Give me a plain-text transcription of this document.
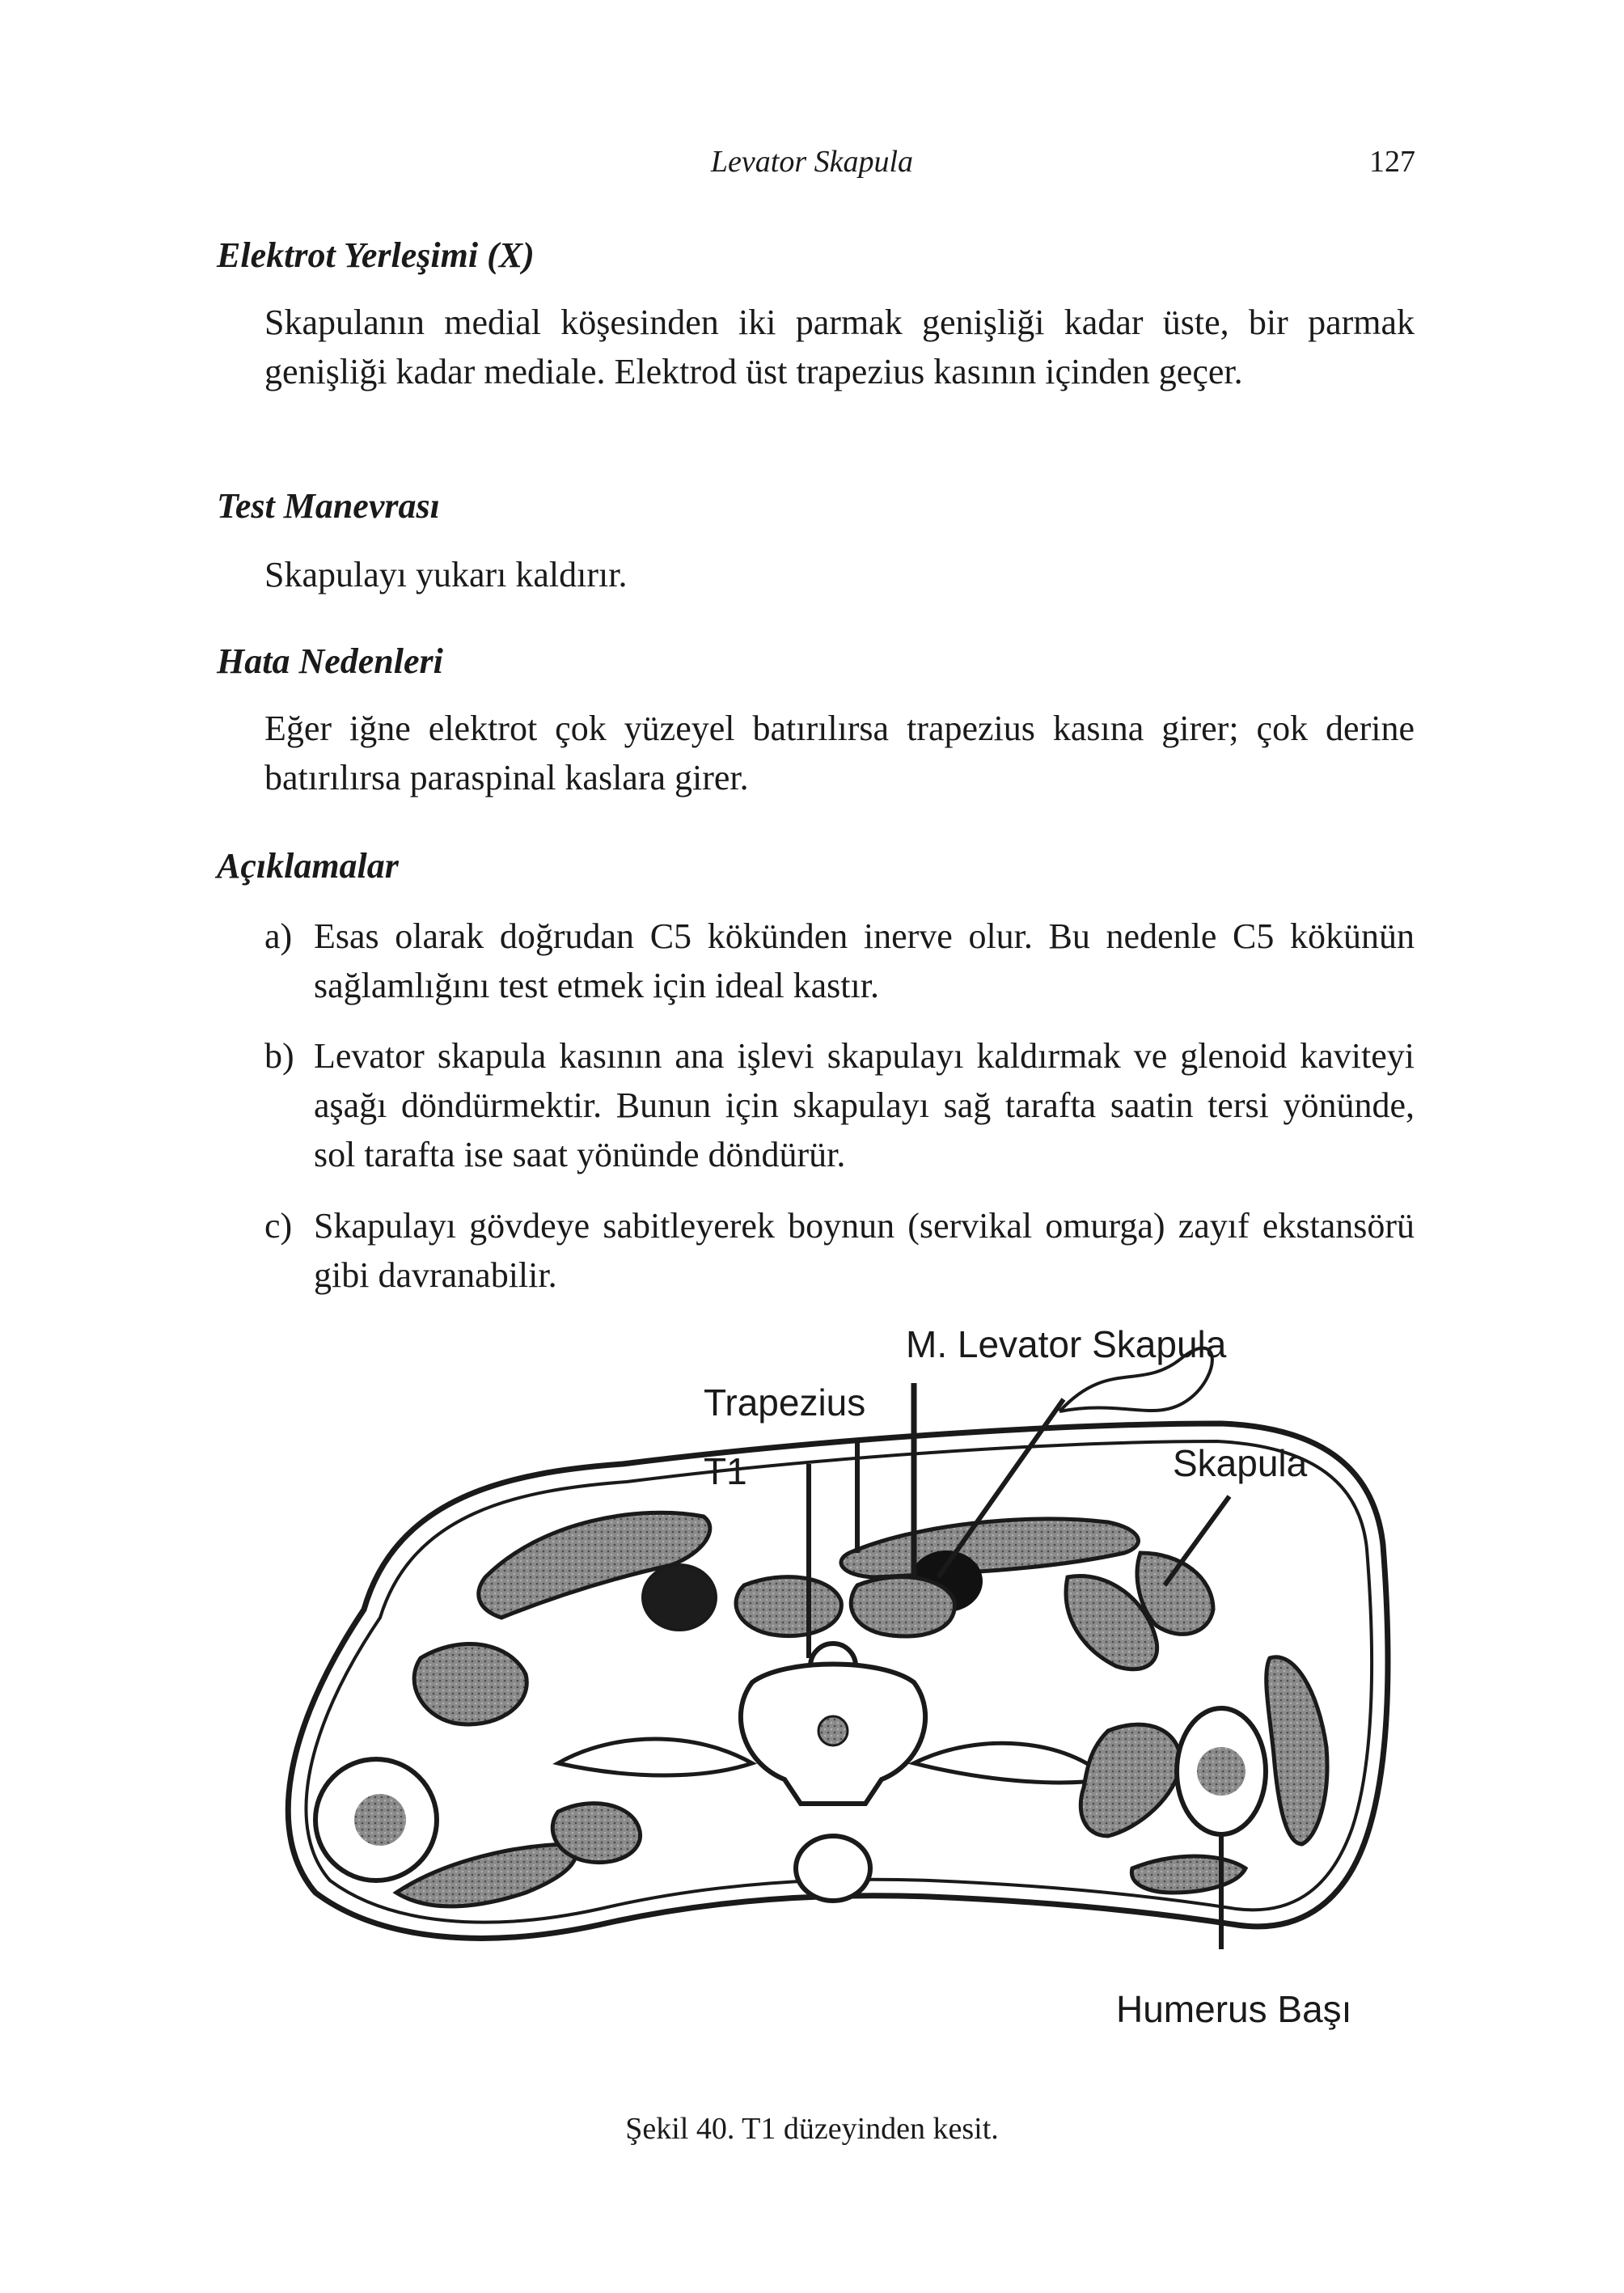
Levator Skapula	127
Elektrot Yerleşimi (X)

Skapulanın medial köşesinden iki parmak genişliği kadar üste, bir parmak genişliği kadar mediale. Elektrod üst trapezius kasının içinden geçer.

Test Manevrası

Skapulayı yukarı kaldırır.

Hata Nedenleri

Eğer iğne elektrot çok yüzeyel batırılırsa trapezius kasına girer; çok derine batırılırsa paraspinal kaslara girer.

Açıklamalar
a) Esas olarak doğrudan C5 kökünden inerve olur. Bu nedenle C5 kökünün sağlamlığını test etmek için ideal kastır.
b) Levator skapula kasının ana işlevi skapulayı kaldırmak ve glenoid kaviteyi aşağı döndürmektir. Bunun için skapulayı sağ tarafta saatin tersi yönünde, sol tarafta ise saat yönünde döndürür.
c) Skapulayı gövdeye sabitleyerek boynun (servikal omurga) zayıf ekstansörü gibi davranabilir.
M. Levator Skapula
Trapezius
T1	Skapula
Humerus Başı
Şekil 40. T1 düzeyinden kesit.
